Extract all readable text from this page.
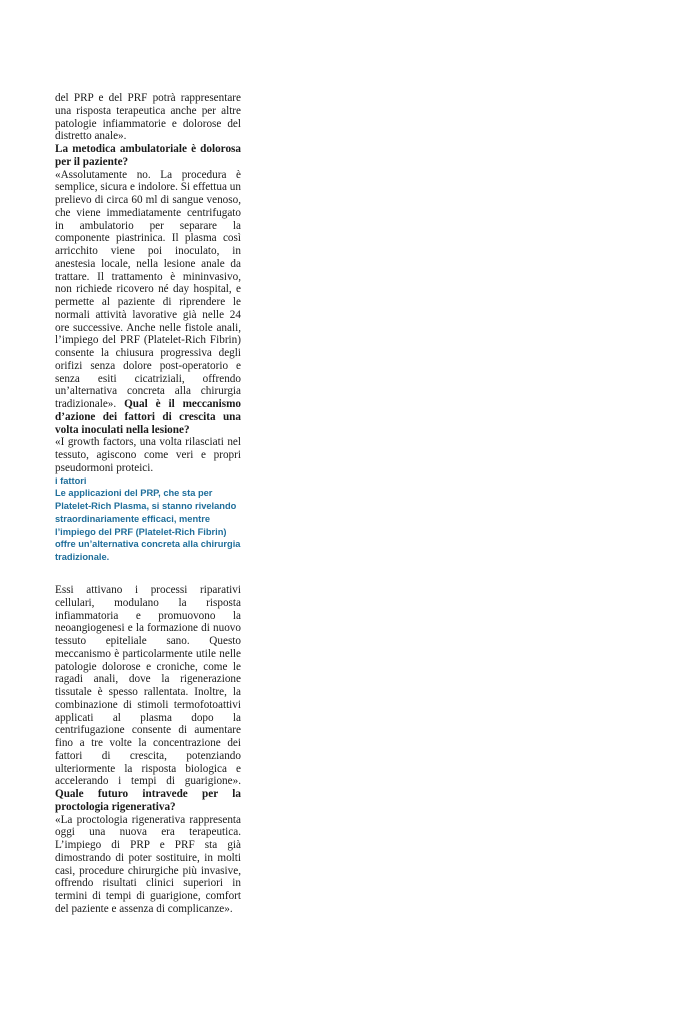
del PRP e del PRF potrà rappresentare una risposta terapeutica anche per altre patologie infiammatorie e dolorose del distretto anale».

La metodica ambulatoriale è dolorosa per il paziente?

«Assolutamente no. La procedura è semplice, sicura e indolore. Si effettua un prelievo di circa 60 ml di sangue venoso, che viene immediatamente centrifugato in ambulatorio per separare la componente piastrinica. Il plasma così arricchito viene poi inoculato, in anestesia locale, nella lesione anale da trattare. Il trattamento è mininvasivo, non richiede ricovero né day hospital, e permette al paziente di riprendere le normali attività lavorative già nelle 24 ore successive. Anche nelle fistole anali, l’impiego del PRF (Platelet-Rich Fibrin) consente la chiusura progressiva degli orifizi senza dolore post-operatorio e senza esiti cicatriziali, offrendo un’alternativa concreta alla chirurgia tradizionale». Qual è il meccanismo d’azione dei fattori di crescita una volta inoculati nella lesione?

«I growth factors, una volta rilasciati nel tessuto, agiscono come veri e propri pseudormoni proteici.

i fattori

Le applicazioni del PRP, che sta per Platelet-Rich Plasma, si stanno rivelando straordinariamente efficaci, mentre l’impiego del PRF (Platelet-Rich Fibrin) offre un’alternativa concreta alla chirurgia tradizionale.

Essi attivano i processi riparativi cellulari, modulano la risposta infiammatoria e promuovono la neoangiogenesi e la formazione di nuovo tessuto epiteliale sano. Questo meccanismo è particolarmente utile nelle patologie dolorose e croniche, come le ragadi anali, dove la rigenerazione tissutale è spesso rallentata. Inoltre, la combinazione di stimoli termofotoattivi applicati al plasma dopo la centrifugazione consente di aumentare fino a tre volte la concentrazione dei fattori di crescita, potenziando ulteriormente la risposta biologica e accelerando i tempi di guarigione». Quale futuro intravede per la proctologia rigenerativa?

«La proctologia rigenerativa rappresenta oggi una nuova era terapeutica. L’impiego di PRP e PRF sta già dimostrando di poter sostituire, in molti casi, procedure chirurgiche più invasive, offrendo risultati clinici superiori in termini di tempi di guarigione, comfort del paziente e assenza di complicanze».
